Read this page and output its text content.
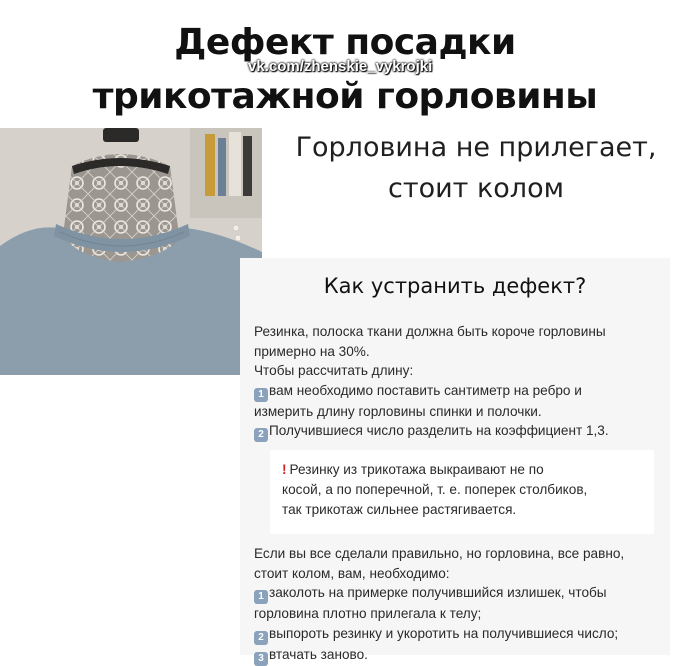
Дефект посадки
vk.com/zhenskie_vykrojki
трикотажной горловины
Горловина не прилегает,
стоит колом
Как устранить дефект?
Резинка, полоска ткани должна быть короче горловины
примерно на 30%.
Чтобы рассчитать длину:
1 вам необходимо поставить сантиметр на ребро и
измерить длину горловины спинки и полочки.
2 Получившиеся число разделить на коэффициент 1,3.
! Резинку из трикотажа выкраивают не по
косой, а по поперечной, т. е. поперек столбиков,
так трикотаж сильнее растягивается.
Если вы все сделали правильно, но горловина, все равно,
стоит колом, вам, необходимо:
1 заколоть на примерке получившийся излишек, чтобы
горловина плотно прилегала к телу;
2 выпороть резинку и укоротить на получившиеся число;
3 втачать заново.
